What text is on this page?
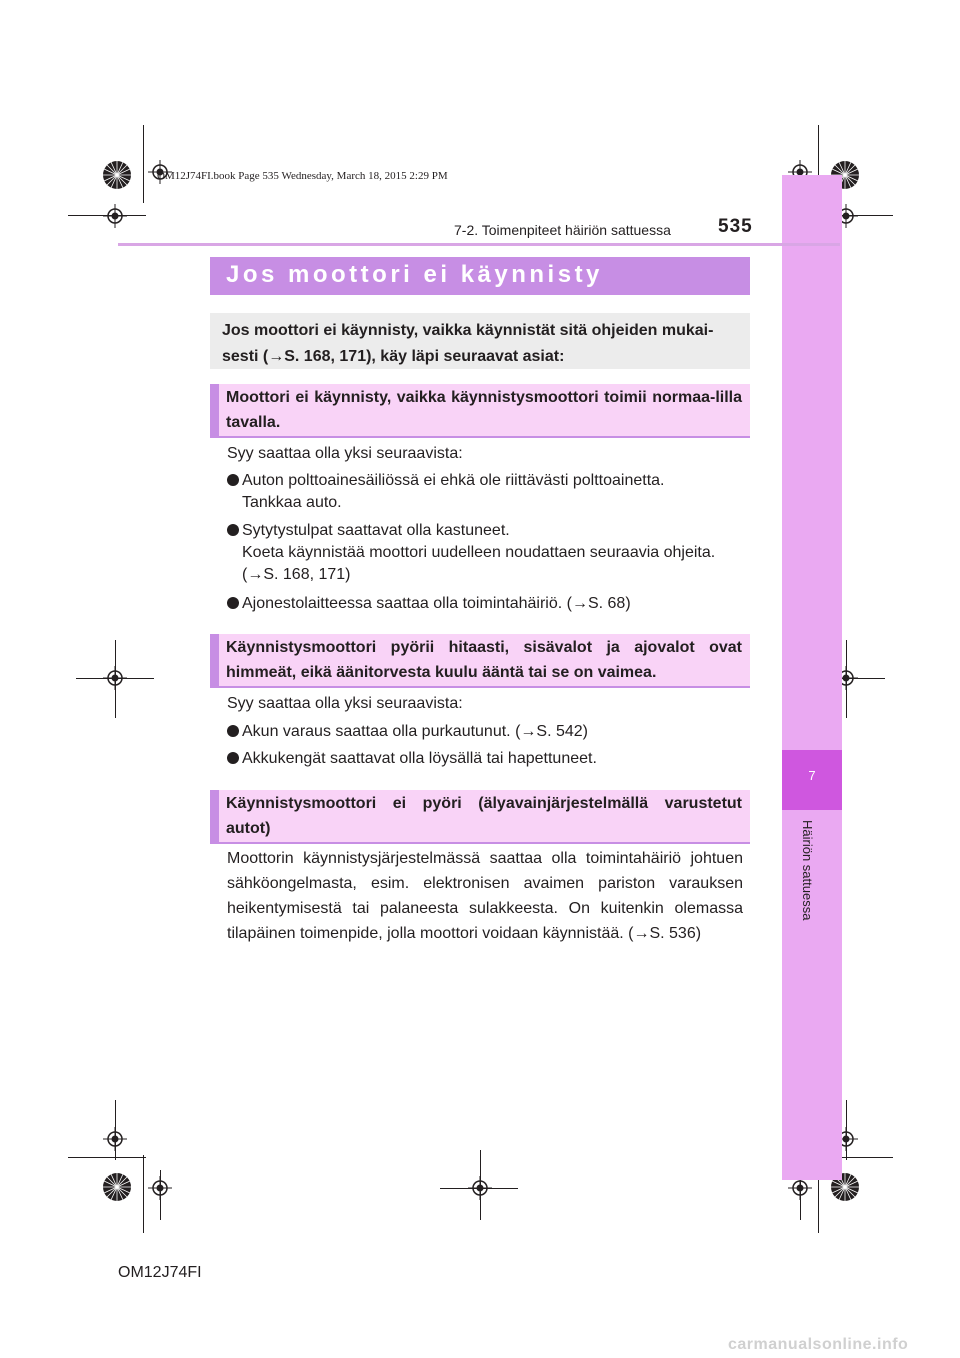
OM12J74FI.book Page 535 Wednesday, March 18, 2015 2:29 PM
7
Häiriön sattuessa
7-2. Toimenpiteet häiriön sattuessa 535
Jos moottori ei käynnisty
Jos moottori ei käynnisty, vaikka käynnistät sitä ohjeiden mukai-sesti (→S. 168, 171), käy läpi seuraavat asiat:
Moottori ei käynnisty, vaikka käynnistysmoottori toimii normaa-lilla tavalla.
Syy saattaa olla yksi seuraavista:
Auton polttoainesäiliössä ei ehkä ole riittävästi polttoainetta.
Tankkaa auto.
Sytytystulpat saattavat olla kastuneet.
Koeta käynnistää moottori uudelleen noudattaen seuraavia ohjeita.
(→S. 168, 171)
Ajonestolaitteessa saattaa olla toimintahäiriö. (→S. 68)
Käynnistysmoottori pyörii hitaasti, sisävalot ja ajovalot ovat himmeät, eikä äänitorvesta kuulu ääntä tai se on vaimea.
Syy saattaa olla yksi seuraavista:
Akun varaus saattaa olla purkautunut. (→S. 542)
Akkukengät saattavat olla löysällä tai hapettuneet.
Käynnistysmoottori ei pyöri (älyavainjärjestelmällä varustetut autot)
Moottorin käynnistysjärjestelmässä saattaa olla toimintahäiriö johtuen sähköongelmasta, esim. elektronisen avaimen pariston varauksen heikentymisestä tai palaneesta sulakkeesta. On kuitenkin olemassa tilapäinen toimenpide, jolla moottori voidaan käynnistää. (→S. 536)
OM12J74FI
carmanualsonline.info
